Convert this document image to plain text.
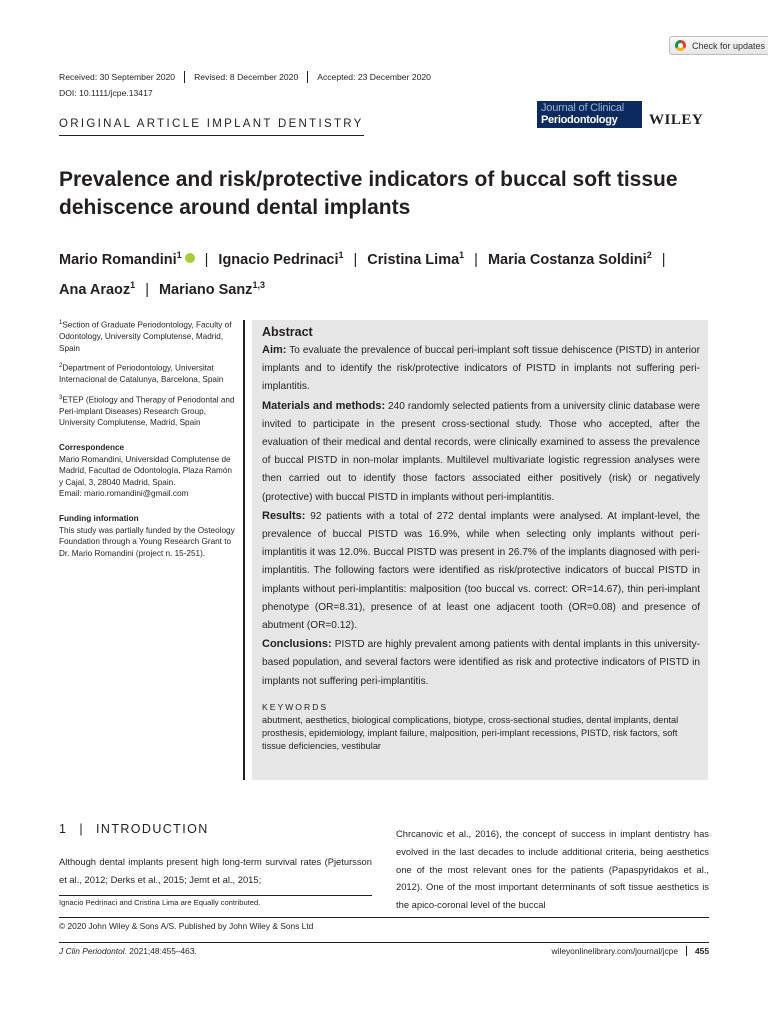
Check for updates
Received: 30 September 2020	Revised: 8 December 2020	Accepted: 23 December 2020
DOI: 10.1111/jcpe.13417
ORIGINAL ARTICLE IMPLANT DENTISTRY
Journal of Clinical
Periodontology WILEY
Prevalence and risk/protective indicators of buccal soft tissue dehiscence around dental implants
Mario Romandini$^1$ | Ignacio Pedrinaci$^1$ | Cristina Lima$^1$ | Maria Costanza Soldini$^2$ |
Ana Araoz$^1$ | Mariano Sanz$^{1,3}$

$^1$Section of Graduate Periodontology, Faculty of Odontology, University Complutense, Madrid, Spain

$^2$Department of Periodontology, Universitat Internacional de Catalunya, Barcelona, Spain

$^3$ETEP (Etiology and Therapy of Periodontal and Peri-implant Diseases) Research Group, University Complutense, Madrid, Spain

Correspondence
Mario Romandini, Universidad Complutense de Madrid, Facultad de Odontología, Plaza Ramón y Cajal, 3, 28040 Madrid, Spain.

Email: mario.romandini@gmail.com

Funding information
This study was partially funded by the Osteology Foundation through a Young Research Grant to Dr. Mario Romandini (project n. 15-251).
Abstract
Aim: To evaluate the prevalence of buccal peri-implant soft tissue dehiscence (PISTD) in anterior implants and to identify the risk/protective indicators of PISTD in implants not suffering peri-implantitis.
Materials and methods: 240 randomly selected patients from a university clinic database were invited to participate in the present cross-sectional study. Those who accepted, after the evaluation of their medical and dental records, were clinically examined to assess the prevalence of buccal PISTD in non-molar implants. Multilevel multivariate logistic regression analyses were then carried out to identify those factors associated either positively (risk) or negatively (protective) with buccal PISTD in implants without peri-implantitis.
Results: 92 patients with a total of 272 dental implants were analysed. At implant-level, the prevalence of buccal PISTD was 16.9%, while when selecting only implants without peri-implantitis it was 12.0%. Buccal PISTD was present in 26.7% of the implants diagnosed with peri-implantitis. The following factors were identified as risk/protective indicators of buccal PISTD in implants without peri-implantitis: malposition (too buccal vs. correct: OR=14.67), thin peri-implant phenotype (OR=8.31), presence of at least one adjacent tooth (OR=0.08) and presence of abutment (OR=0.12).
Conclusions: PISTD are highly prevalent among patients with dental implants in this university-based population, and several factors were identified as risk and protective indicators of PISTD in implants not suffering peri-implantitis.
KEYWORDS
abutment, aesthetics, biological complications, biotype, cross-sectional studies, dental implants, dental prosthesis, epidemiology, implant failure, malposition, peri-implant recessions, PISTD, risk factors, soft tissue deficiencies, vestibular
1 | INTRODUCTION
Although dental implants present high long-term survival rates (Pjetursson et al., 2012; Derks et al., 2015; Jemt et al., 2015;
Chrcanovic et al., 2016), the concept of success in implant dentistry has evolved in the last decades to include additional criteria, being aesthetics one of the most relevant ones for the patients (Papaspyridakos et al., 2012). One of the most important determinants of soft tissue aesthetics is the apico-coronal level of the buccal
Ignacio Pedrinaci and Cristina Lima are Equally contributed.
© 2020 John Wiley & Sons A/S. Published by John Wiley & Sons Ltd
J Clin Periodontol. 2021;48:455–463.	wileyonlinelibrary.com/journal/jcpe	455
